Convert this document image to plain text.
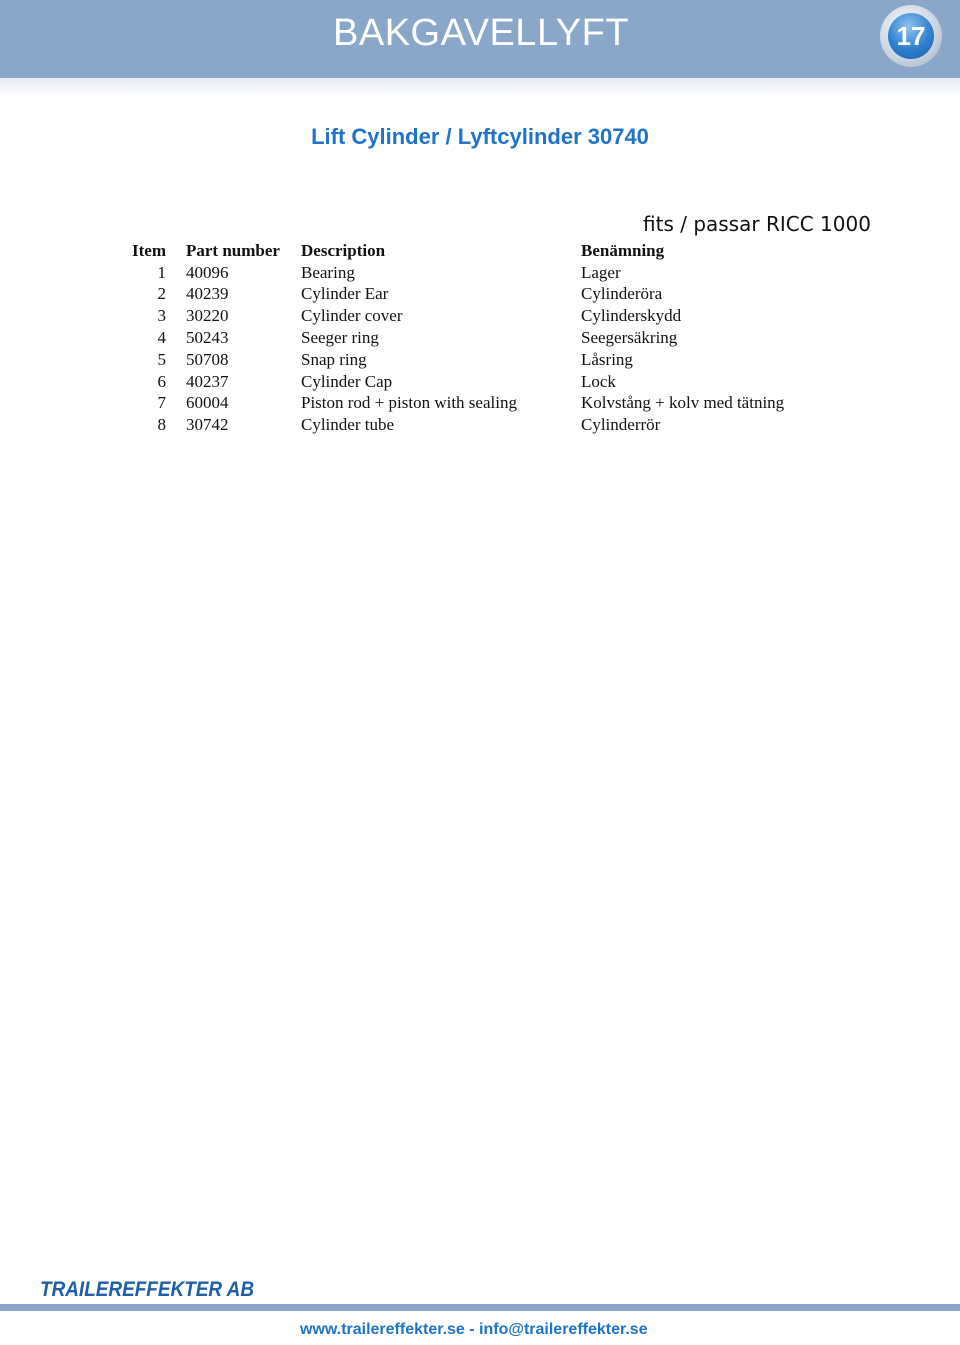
BAKGAVELLYFT	17
Lift Cylinder / Lyftcylinder 30740
fits / passar RICC 1000
Item	Part number	Description	Benämning
1	40096	Bearing	Lager
2	40239	Cylinder Ear	Cylinderöra
3	30220	Cylinder cover	Cylinderskydd
4	50243	Seeger ring	Seegersäkring
5	50708	Snap ring	Låsring
6	40237	Cylinder Cap	Lock
7	60004	Piston rod + piston with sealing	Kolvstång + kolv med tätning
8	30742	Cylinder tube	Cylinderrör
TRAILEREFFEKTER AB
www.trailereffekter.se - info@trailereffekter.se
